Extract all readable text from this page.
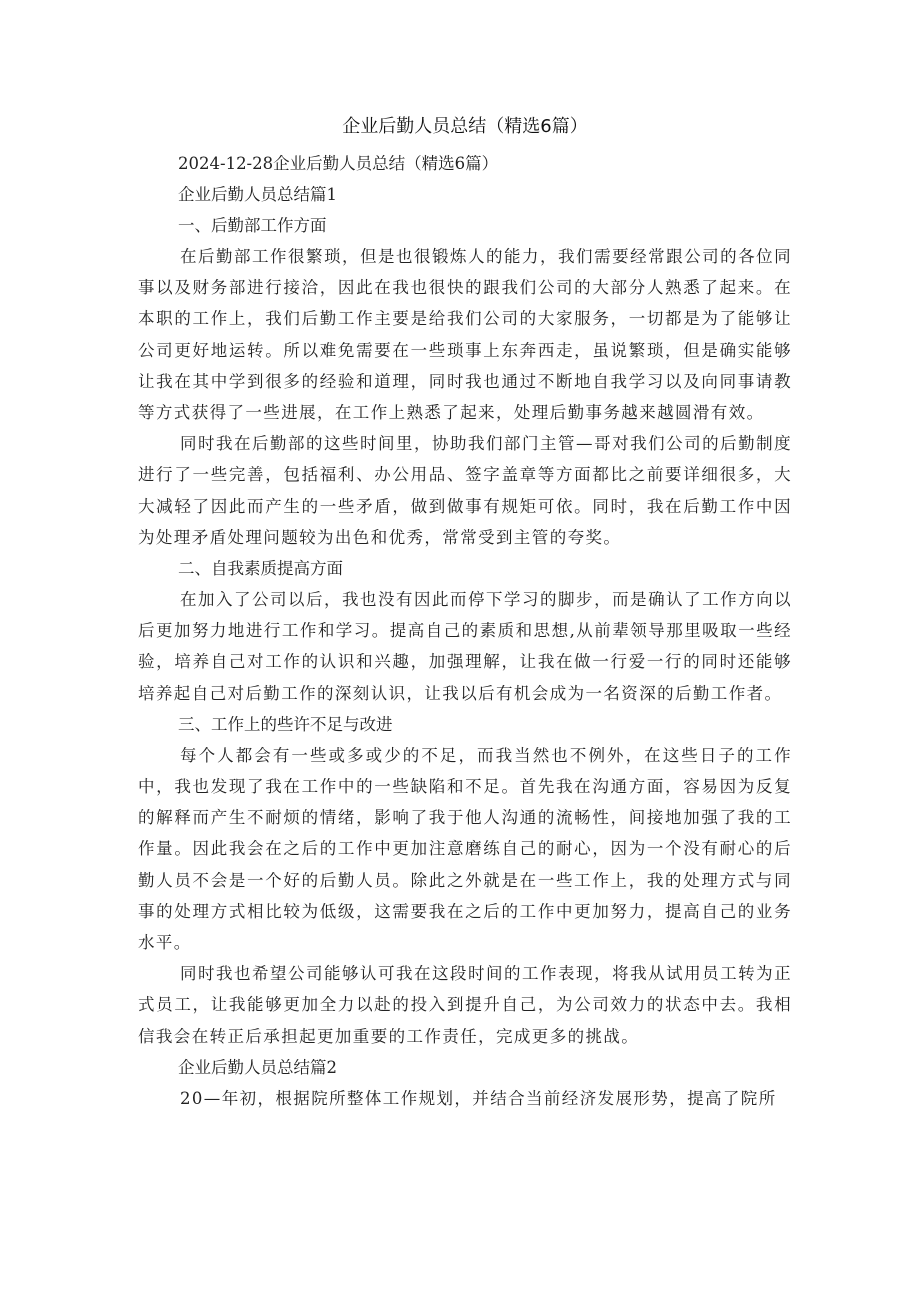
企业后勤人员总结（精选6篇）

2024-12-28企业后勤人员总结（精选6篇）

企业后勤人员总结篇1

一、后勤部工作方面

在后勤部工作很繁琐，但是也很锻炼人的能力，我们需要经常跟公司的各位同事以及财务部进行接洽，因此在我也很快的跟我们公司的大部分人熟悉了起来。在本职的工作上，我们后勤工作主要是给我们公司的大家服务，一切都是为了能够让公司更好地运转。所以难免需要在一些琐事上东奔西走，虽说繁琐，但是确实能够让我在其中学到很多的经验和道理，同时我也通过不断地自我学习以及向同事请教等方式获得了一些进展，在工作上熟悉了起来，处理后勤事务越来越圆滑有效。

同时我在后勤部的这些时间里，协助我们部门主管—哥对我们公司的后勤制度进行了一些完善，包括福利、办公用品、签字盖章等方面都比之前要详细很多，大大减轻了因此而产生的一些矛盾，做到做事有规矩可依。同时，我在后勤工作中因为处理矛盾处理问题较为出色和优秀，常常受到主管的夸奖。

二、自我素质提高方面

在加入了公司以后，我也没有因此而停下学习的脚步，而是确认了工作方向以后更加努力地进行工作和学习。提高自己的素质和思想,从前辈领导那里吸取一些经验，培养自己对工作的认识和兴趣，加强理解，让我在做一行爱一行的同时还能够培养起自己对后勤工作的深刻认识，让我以后有机会成为一名资深的后勤工作者。

三、工作上的些许不足与改进

每个人都会有一些或多或少的不足，而我当然也不例外，在这些日子的工作中，我也发现了我在工作中的一些缺陷和不足。首先我在沟通方面，容易因为反复的解释而产生不耐烦的情绪，影响了我于他人沟通的流畅性，间接地加强了我的工作量。因此我会在之后的工作中更加注意磨练自己的耐心，因为一个没有耐心的后勤人员不会是一个好的后勤人员。除此之外就是在一些工作上，我的处理方式与同事的处理方式相比较为低级，这需要我在之后的工作中更加努力，提高自己的业务水平。

同时我也希望公司能够认可我在这段时间的工作表现，将我从试用员工转为正式员工，让我能够更加全力以赴的投入到提升自己，为公司效力的状态中去。我相信我会在转正后承担起更加重要的工作责任，完成更多的挑战。

企业后勤人员总结篇2

20—年初，根据院所整体工作规划，并结合当前经济发展形势，提高了院所
